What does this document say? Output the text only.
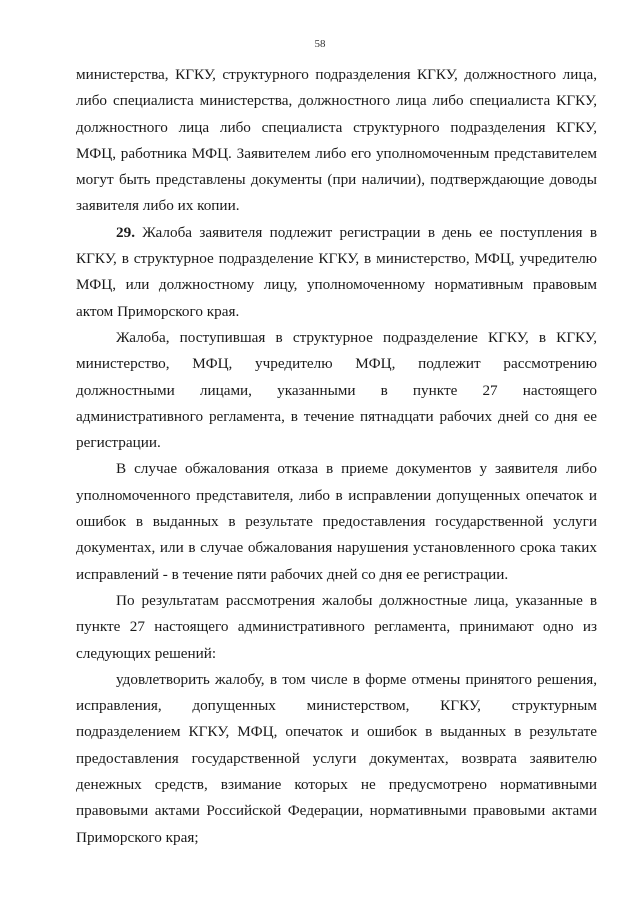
58

министерства, КГКУ, структурного подразделения КГКУ, должностного лица, либо специалиста министерства, должностного лица либо специалиста КГКУ, должностного лица либо специалиста структурного подразделения КГКУ, МФЦ, работника МФЦ. Заявителем либо его уполномоченным представителем могут быть представлены документы (при наличии), подтверждающие доводы заявителя либо их копии.

29. Жалоба заявителя подлежит регистрации в день ее поступления в КГКУ, в структурное подразделение КГКУ, в министерство, МФЦ, учредителю МФЦ, или должностному лицу, уполномоченному нормативным правовым актом Приморского края.

Жалоба, поступившая в структурное подразделение КГКУ, в КГКУ, министерство, МФЦ, учредителю МФЦ, подлежит рассмотрению должностными лицами, указанными в пункте 27 настоящего административного регламента, в течение пятнадцати рабочих дней со дня ее регистрации.

В случае обжалования отказа в приеме документов у заявителя либо уполномоченного представителя, либо в исправлении допущенных опечаток и ошибок в выданных в результате предоставления государственной услуги документах, или в случае обжалования нарушения установленного срока таких исправлений - в течение пяти рабочих дней со дня ее регистрации.

По результатам рассмотрения жалобы должностные лица, указанные в пункте 27 настоящего административного регламента, принимают одно из следующих решений:

удовлетворить жалобу, в том числе в форме отмены принятого решения, исправления, допущенных министерством, КГКУ, структурным подразделением КГКУ, МФЦ, опечаток и ошибок в выданных в результате предоставления государственной услуги документах, возврата заявителю денежных средств, взимание которых не предусмотрено нормативными правовыми актами Российской Федерации, нормативными правовыми актами Приморского края;
